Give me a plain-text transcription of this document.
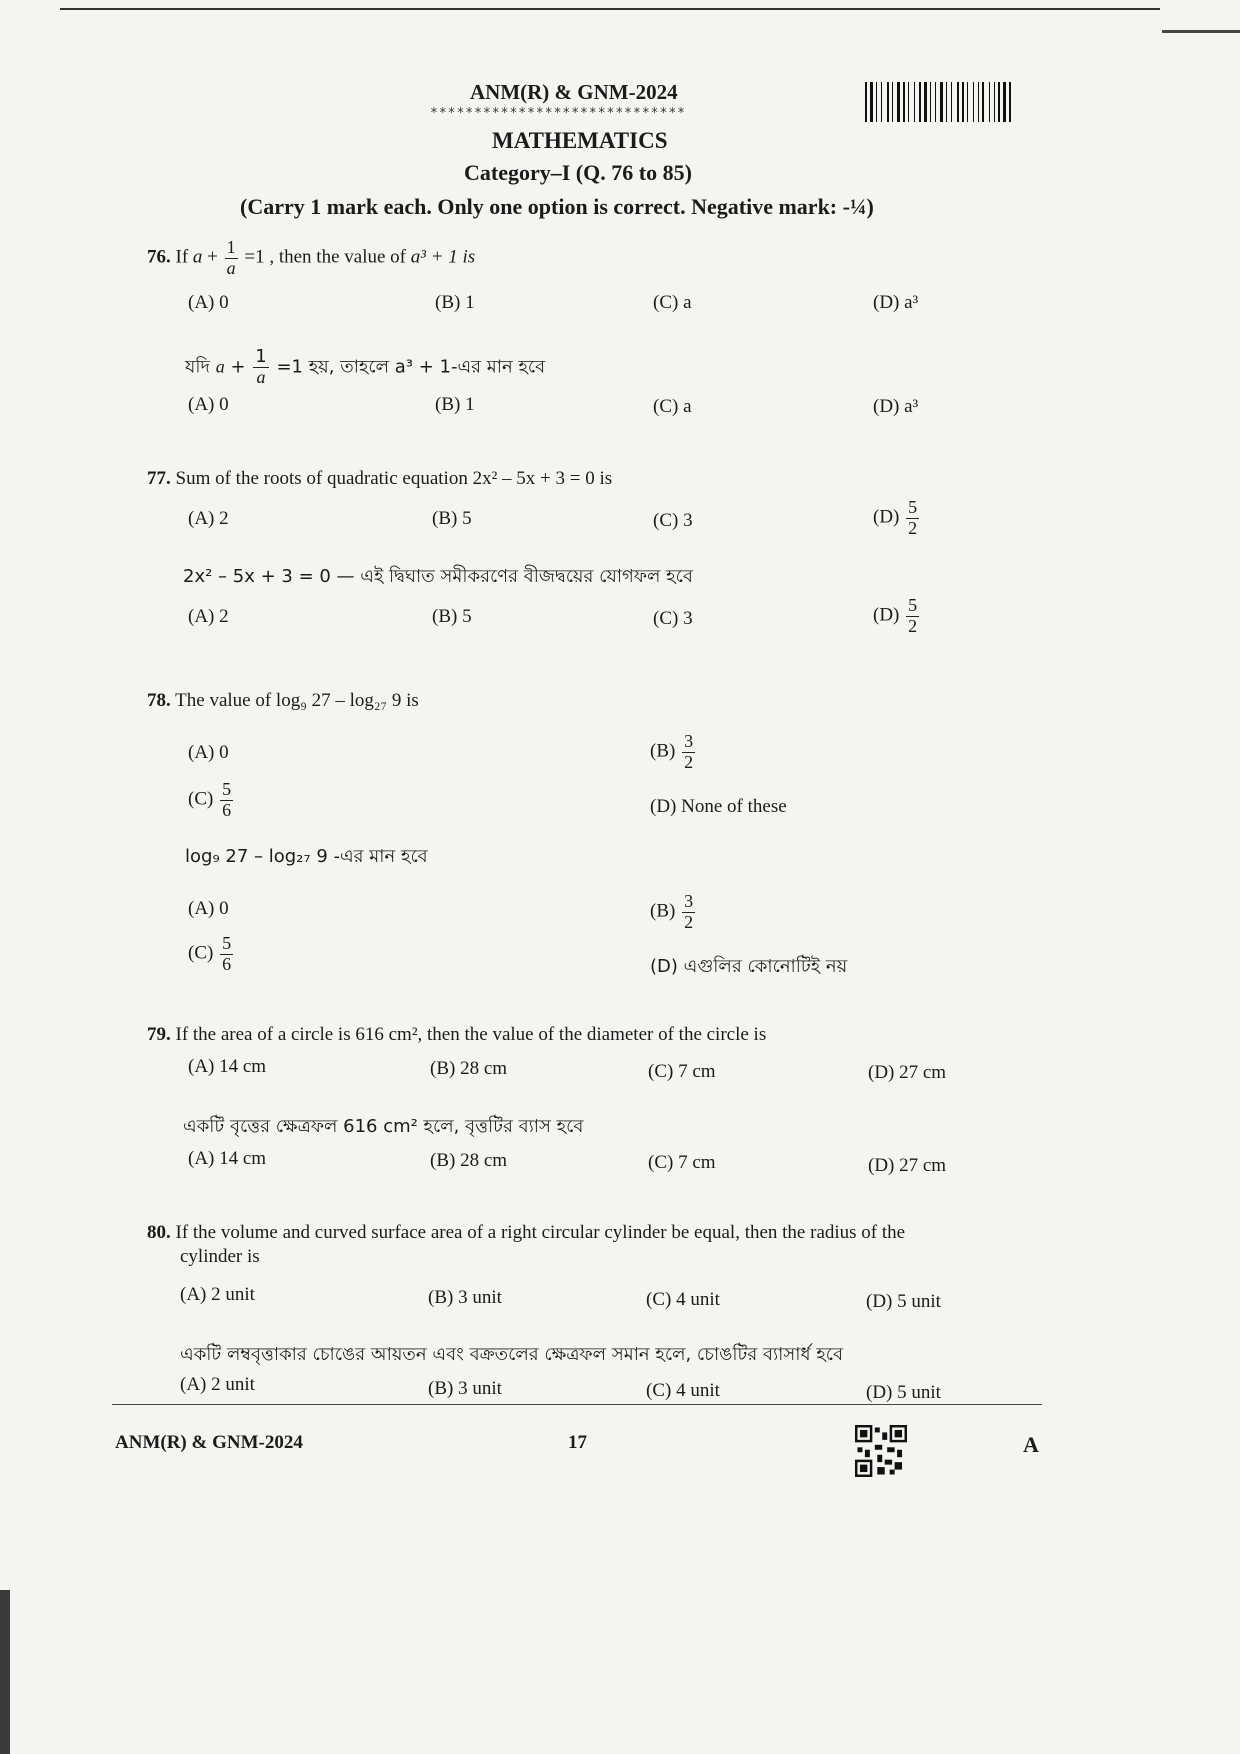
ANM(R) & GNM-2024
*****************************
MATHEMATICS
Category–I (Q. 76 to 85)
(Carry 1 mark each. Only one option is correct. Negative mark: -¼)
76. If $a + \frac{1}{a} =1$ , then the value of a³ + 1 is
(A) 0	(B) 1	(C) a	(D) a³
যদি $a + \frac{1}{a} =1$ হয়, তাহলে a³ + 1-এর মান হবে
(A) 0	(B) 1	(C) a	(D) a³
77. Sum of the roots of quadratic equation 2x² – 5x + 3 = 0 is
(A) 2	(B) 5	(C) 3	$(D) \frac{5}{2}$
2x² – 5x + 3 = 0 — এই দ্বিঘাত সমীকরণের বীজদ্বয়ের যোগফল হবে
(A) 2	(B) 5	(C) 3	$(D) \frac{5}{2}$
78. The value of log₉ 27 – log₂₇ 9 is
(A) 0	$(B) \frac{3}{2}$
$(C) \frac{5}{6}$	(D) None of these
log₉ 27 – log₂₇ 9 -এর মান হবে
(A) 0	$(B) \frac{3}{2}$
$(C) \frac{5}{6}$	(D) এগুলির কোনোটিই নয়
79. If the area of a circle is 616 cm², then the value of the diameter of the circle is
(A) 14 cm	(B) 28 cm	(C) 7 cm	(D) 27 cm
একটি বৃত্তের ক্ষেত্রফল 616 cm² হলে, বৃত্তটির ব্যাস হবে
(A) 14 cm	(B) 28 cm	(C) 7 cm	(D) 27 cm
80. If the volume and curved surface area of a right circular cylinder be equal, then the radius of the
cylinder is
(A) 2 unit	(B) 3 unit	(C) 4 unit	(D) 5 unit
একটি লম্ববৃত্তাকার চোঙের আয়তন এবং বক্রতলের ক্ষেত্রফল সমান হলে, চোঙটির ব্যাসার্ধ হবে
(A) 2 unit	(B) 3 unit	(C) 4 unit	(D) 5 unit
ANM(R) & GNM-2024	17	A
